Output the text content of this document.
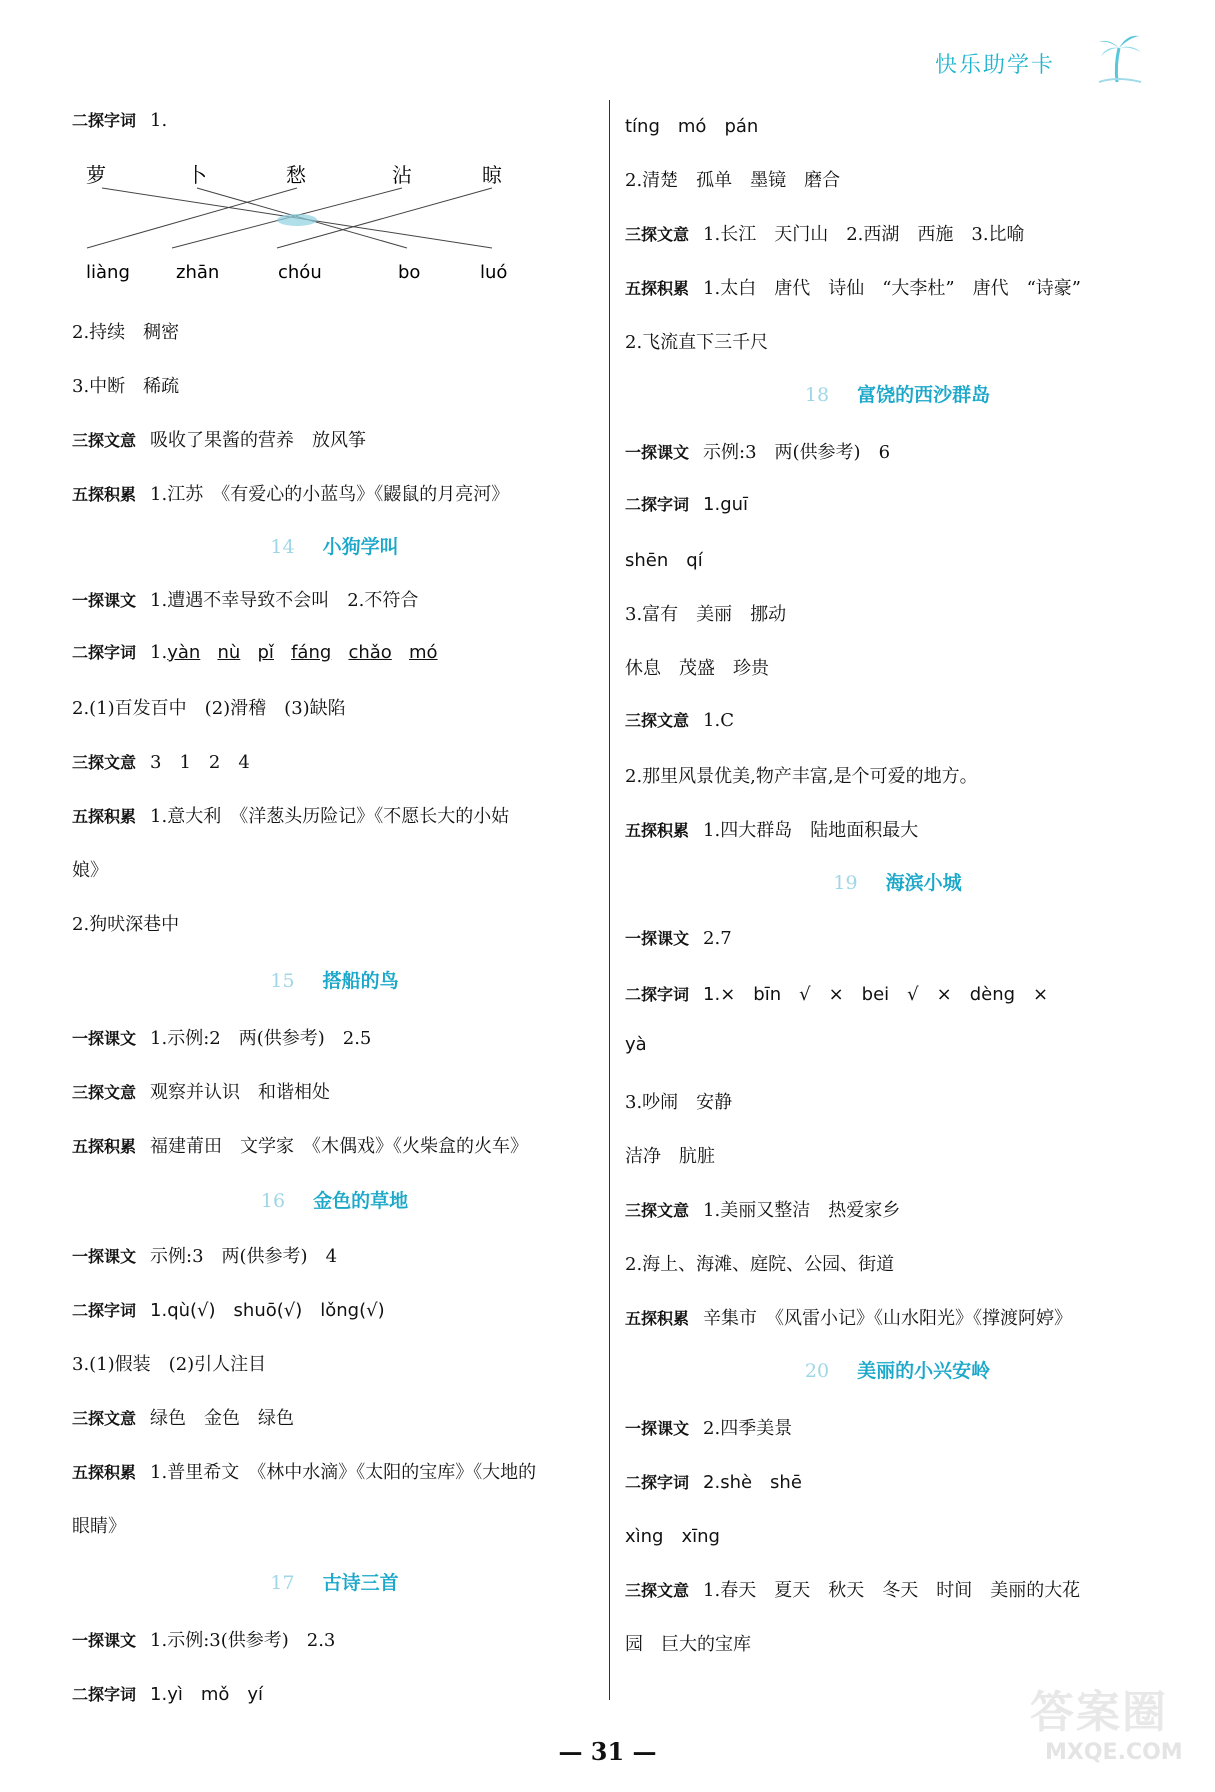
快乐助学卡
二探字词 1.
萝	卜	愁	沾	晾
liàng	zhān	chóu	bo	luó
2.持续　稠密
3.中断　稀疏
三探文意 吸收了果酱的营养　放风筝
五探积累 1.江苏　《有爱心的小蓝鸟》《鼹鼠的月亮河》
14 小狗学叫
一探课文 1.遭遇不幸导致不会叫　2.不符合
二探字词 1.yàn nù pǐ fáng chǎo mó
2.(1)百发百中　(2)滑稽　(3)缺陷
三探文意 3　1　2　4
五探积累 1.意大利　《洋葱头历险记》《不愿长大的小姑
娘》
2.狗吠深巷中
15 搭船的鸟
一探课文 1.示例:2　两(供参考)　2.5
三探文意 观察并认识　和谐相处
五探积累 福建莆田　文学家　《木偶戏》《火柴盒的火车》
16 金色的草地
一探课文 示例:3　两(供参考)　4
二探字词 1.qù(√)　shuō(√)　lǒng(√)
3.(1)假装　(2)引人注目
三探文意 绿色　金色　绿色
五探积累 1.普里希文　《林中水滴》《太阳的宝库》《大地的
眼睛》
17 古诗三首
一探课文 1.示例:3(供参考)　2.3
二探字词 1.yì　mǒ　yí
tíng　mó　pán
2.清楚　孤单　墨镜　磨合
三探文意 1.长江　天门山　2.西湖　西施　3.比喻
五探积累 1.太白　唐代　诗仙　“大李杜”　唐代　“诗豪”
2.飞流直下三千尺
18 富饶的西沙群岛
一探课文 示例:3　两(供参考)　6
二探字词 1.guī
shēn　qí
3.富有　美丽　挪动
休息　茂盛　珍贵
三探文意 1.C
2.那里风景优美,物产丰富,是个可爱的地方。
五探积累 1.四大群岛　陆地面积最大
19 海滨小城
一探课文 2.7
二探字词 1.×　bīn　√　×　bei　√　×　dèng　×
yà
3.吵闹　安静
洁净　肮脏
三探文意 1.美丽又整洁　热爱家乡
2.海上、海滩、庭院、公园、街道
五探积累 辛集市　《风雷小记》《山水阳光》《撑渡阿婷》
20 美丽的小兴安岭
一探课文 2.四季美景
二探字词 2.shè　shē
xìng　xīng
三探文意 1.春天　夏天　秋天　冬天　时间　美丽的大花
园　巨大的宝库
— 31 —
答案圈
MXQE.COM
